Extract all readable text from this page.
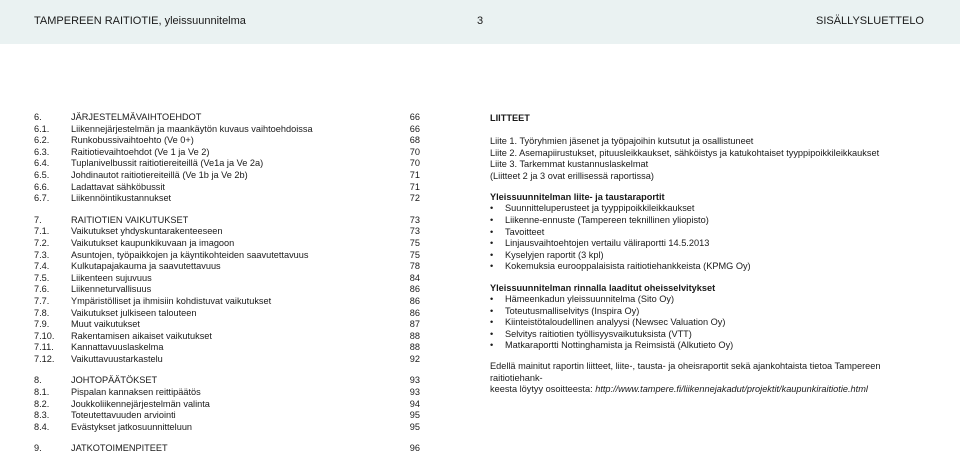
TAMPEREEN RAITIOTIE, yleissuunnitelma	3	SISÄLLYSLUETTELO
6.	JÄRJESTELMÄVAIHTOEHDOT	66
6.1. Liikennejärjestelmän ja maankäytön kuvaus vaihtoehdoissa	66
6.2. Runkobussivaihtoehto (Ve 0+)	68
6.3. Raitiotievaihtoehdot (Ve 1 ja Ve 2)	70
6.4. Tuplanivelbussit raitiotiereiteillä (Ve1a ja Ve 2a)	70
6.5. Johdinautot raitiotiereiteillä (Ve 1b ja Ve 2b)	71
6.6. Ladattavat sähköbussit	71
6.7. Liikennöintikustannukset	72
7.	RAITIOTIEN VAIKUTUKSET	73
7.1. Vaikutukset yhdyskuntarakenteeseen	73
7.2. Vaikutukset kaupunkikuvaan ja imagoon	75
7.3. Asuntojen, työpaikkojen ja käyntikohteiden saavutettavuus	75
7.4. Kulkutapajakauma ja saavutettavuus	78
7.5. Liikenteen sujuvuus	84
7.6. Liikenneturvallisuus	86
7.7. Ympäristölliset ja ihmisiin kohdistuvat vaikutukset	86
7.8. Vaikutukset julkiseen talouteen	86
7.9. Muut vaikutukset	87
7.10. Rakentamisen aikaiset vaikutukset	88
7.11. Kannattavuuslaskelma	88
7.12. Vaikuttavuustarkastelu	92
8.	JOHTOPÄÄTÖKSET	93
8.1. Pispalan kannaksen reittipäätös	93
8.2. Joukkoliikennejärjestelmän valinta	94
8.3. Toteutettavuuden arviointi	95
8.4. Evästykset jatkosuunnitteluun	95
9.	JATKOTOIMENPITEET	96
LIITTEET
Liite 1. Työryhmien jäsenet ja työpajoihin kutsutut ja osallistuneet
Liite 2. Asemapiirustukset, pituusleikkaukset, sähköistys ja katukohtaiset tyyppipoikkileikkaukset
Liite 3. Tarkemmat kustannuslaskelmat
(Liitteet 2 ja 3 ovat erillisessä raportissa)
Yleissuunnitelman liite- ja taustaraportit
• Suunnitteluperusteet ja tyyppipoikkileikkaukset
• Liikenne-ennuste (Tampereen teknillinen yliopisto)
• Tavoitteet
• Linjausvaihtoehtojen vertailu väliraportti 14.5.2013
• Kyselyjen raportit (3 kpl)
• Kokemuksia eurooppalaisista raitiotiehankkeista (KPMG Oy)
Yleissuunnitelman rinnalla laaditut oheisselvitykset
• Hämeenkadun yleissuunnitelma (Sito Oy)
• Toteutusmalliselvitys (Inspira Oy)
• Kiinteistötaloudellinen analyysi (Newsec Valuation Oy)
• Selvitys raitiotien työllisyysvaikutuksista (VTT)
• Matkaraportti Nottinghamista ja Reimsistä (Alkutieto Oy)
Edellä mainitut raportin liitteet, liite-, tausta- ja oheisraportit sekä ajankohtaista tietoa Tampereen raitiotiehank-
keesta löytyy osoitteesta: http://www.tampere.fi/liikennejakadut/projektit/kaupunkiraitiotie.html
